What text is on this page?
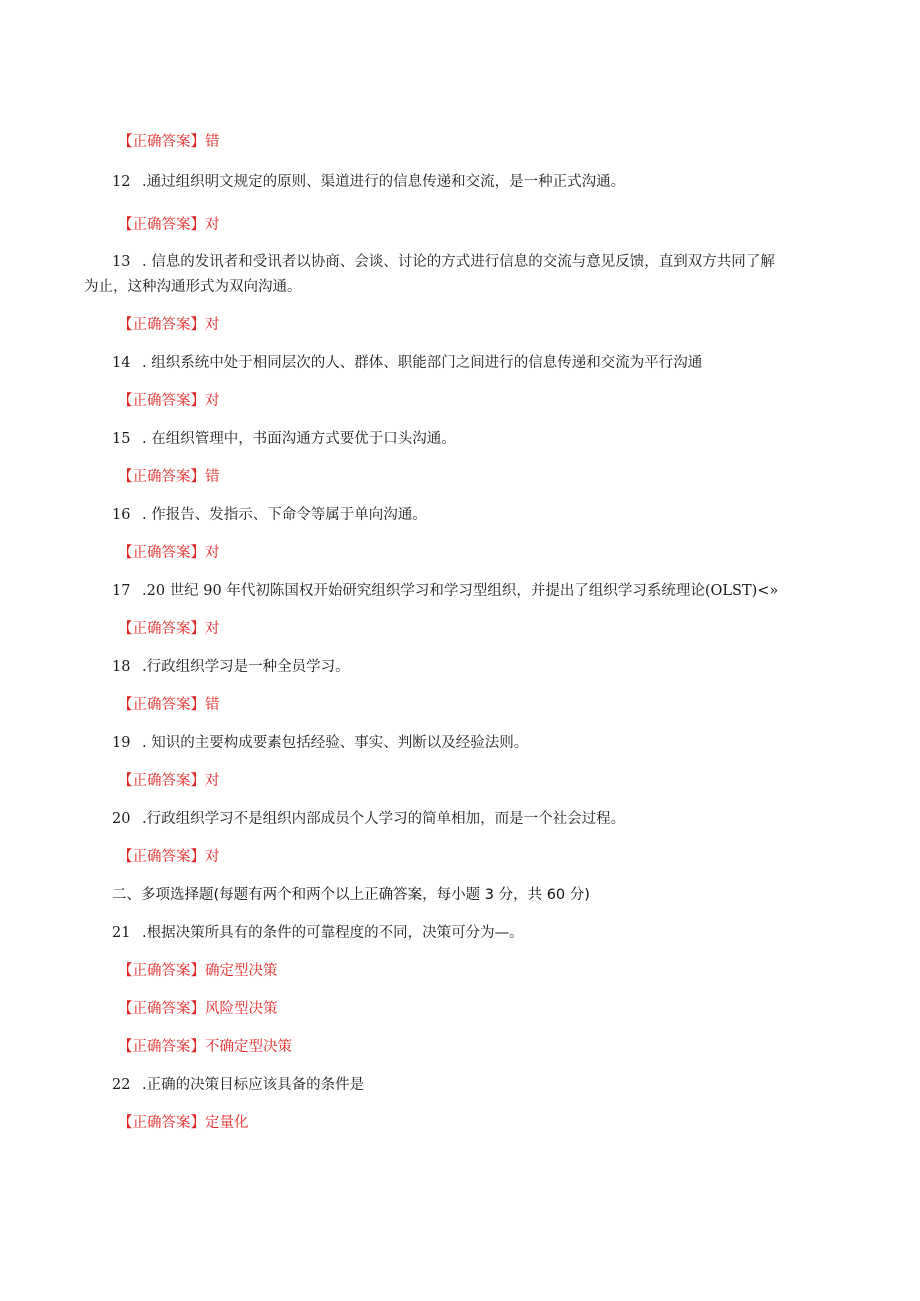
【正确答案】错
12 .通过组织明文规定的原则、渠道进行的信息传递和交流，是一种正式沟通。
【正确答案】对
13 . 信息的发讯者和受讯者以协商、会谈、讨论的方式进行信息的交流与意见反馈，直到双方共同了解
为止，这种沟通形式为双向沟通。
【正确答案】对
14 . 组织系统中处于相同层次的人、群体、职能部门之间进行的信息传递和交流为平行沟通
【正确答案】对
15 . 在组织管理中，书面沟通方式要优于口头沟通。
【正确答案】错
16 . 作报告、发指示、下命令等属于单向沟通。
【正确答案】对
17 .20 世纪 90 年代初陈国权开始研究组织学习和学习型组织，并提出了组织学习系统理论(OLST)<»
【正确答案】对
18 .行政组织学习是一种全员学习。
【正确答案】错
19 . 知识的主要构成要素包括经验、事实、判断以及经验法则。
【正确答案】对
20 .行政组织学习不是组织内部成员个人学习的简单相加，而是一个社会过程。
【正确答案】对
二、多项选择题(每题有两个和两个以上正确答案，每小题 3 分，共 60 分)
21 .根据决策所具有的条件的可靠程度的不同，决策可分为—。
【正确答案】确定型决策
【正确答案】风险型决策
【正确答案】不确定型决策
22 .正确的决策目标应该具备的条件是
【正确答案】定量化
